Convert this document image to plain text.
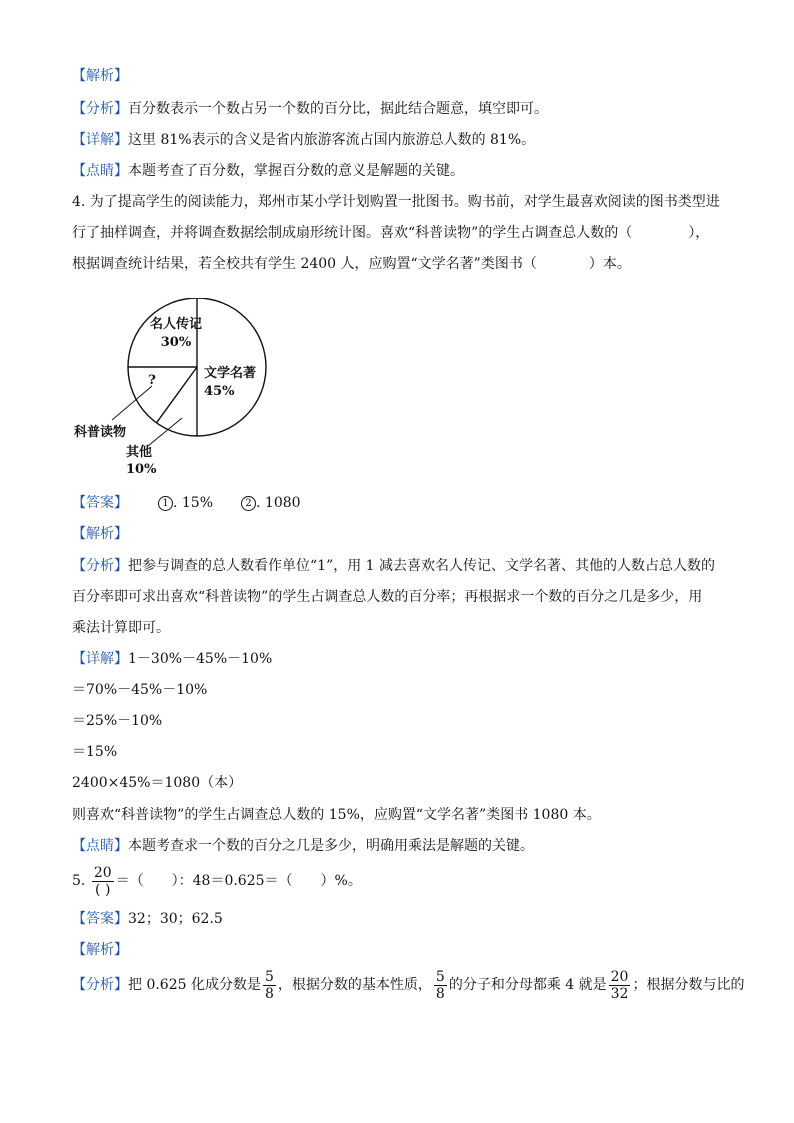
【解析】
【分析】百分数表示一个数占另一个数的百分比，据此结合题意，填空即可。
【详解】这里 81%表示的含义是省内旅游客流占国内旅游总人数的 81%。
【点睛】本题考查了百分数，掌握百分数的意义是解题的关键。
4. 为了提高学生的阅读能力，郑州市某小学计划购置一批图书。购书前，对学生最喜欢阅读的图书类型进
行了抽样调查，并将调查数据绘制成扇形统计图。喜欢“科普读物”的学生占调查总人数的（	），
根据调查统计结果，若全校共有学生 2400 人，应购置“文学名著”类图书（	）本。
名人传记
30%
文学名著
45%
?
科普读物
其他
10%
【答案】	1 . 15%	2 . 1080
【解析】
【分析】把参与调查的总人数看作单位“1”，用 1 减去喜欢名人传记、文学名著、其他的人数占总人数的
百分率即可求出喜欢“科普读物”的学生占调查总人数的百分率；再根据求一个数的百分之几是多少，用
乘法计算即可。
【详解】1－30%－45%－10%
＝70%－45%－10%
＝25%－10%
＝15%
2400×45%＝1080（本）
则喜欢“科普读物”的学生占调查总人数的 15%，应购置“文学名著”类图书 1080 本。
【点睛】本题考查求一个数的百分之几是多少，明确用乘法是解题的关键。
5. $\frac{20}{( )}$ ＝（　　）：48＝0.625＝（　　）%。
【答案】32；30；62.5
【解析】
【分析】把 0.625 化成分数是 $\frac{5}{8}$ ，根据分数的基本性质， $\frac{5}{8}$ 的分子和分母都乘 4 就是 $\frac{20}{32}$ ；根据分数与比的
